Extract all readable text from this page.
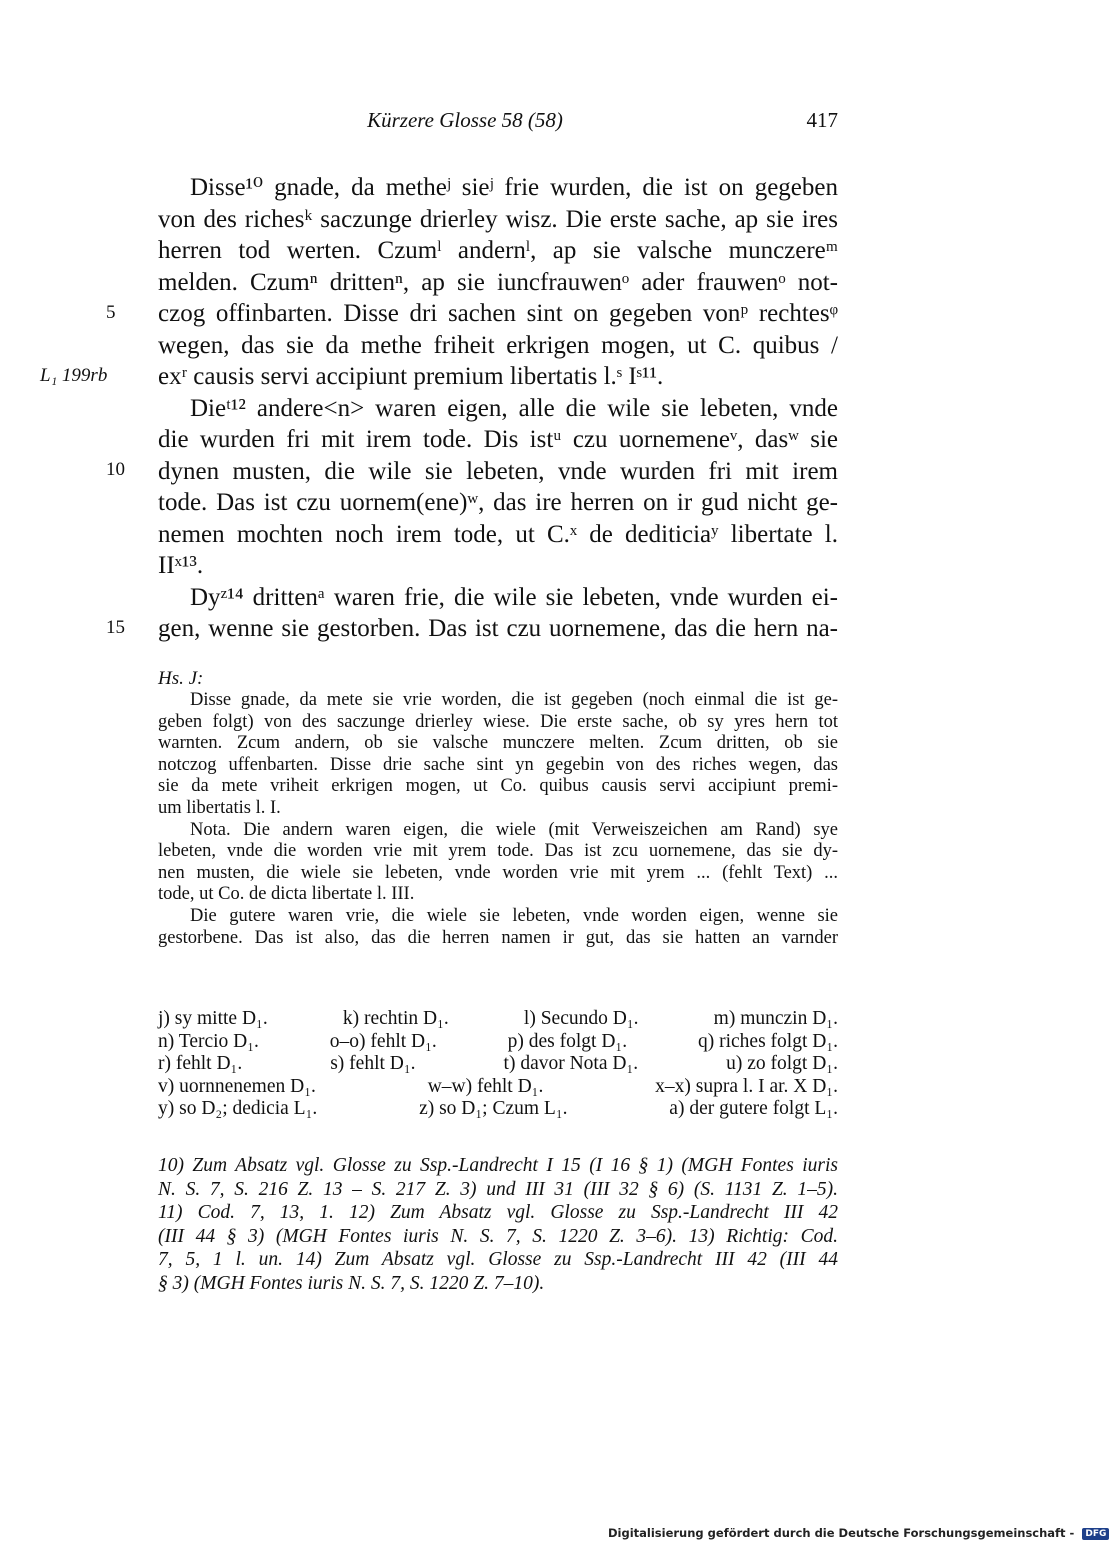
Kürzere Glosse 58 (58)	417
L₁ 199rb
5
10
15
Disse¹⁰ gnade, da metheʲ sieʲ frie wurden, die ist on gegeben
von des richesᵏ saczunge drierley wisz. Die erste sache, ap sie ires
herren tod werten. Czumˡ andernˡ, ap sie valsche munczereᵐ
melden. Czumⁿ drittenⁿ, ap sie iuncfrauwenᵒ ader frauwenᵒ not-
czog offinbarten. Disse dri sachen sint on gegeben vonᵖ rechtesᵠ
wegen, das sie da methe friheit erkrigen mogen, ut C. quibus /
exʳ causis servi accipiunt premium libertatis l.ˢ Iˢ¹¹.
Dieᵗ¹² andere<n> waren eigen, alle die wile sie lebeten, vnde
die wurden fri mit irem tode. Dis istᵘ czu uornemeneᵛ, dasʷ sie
dynen musten, die wile sie lebeten, vnde wurden fri mit irem
tode. Das ist czu uornem(ene)ʷ, das ire herren on ir gud nicht ge-
nemen mochten noch irem tode, ut C.ˣ de dediticiaʸ libertate l.
IIˣ¹³.
Dyᶻ¹⁴ drittenᵃ waren frie, die wile sie lebeten, vnde wurden ei-
gen, wenne sie gestorben. Das ist czu uornemene, das die hern na-
Hs. J:
Disse gnade, da mete sie vrie worden, die ist gegeben (noch einmal die ist ge-
geben folgt) von des saczunge drierley wiese. Die erste sache, ob sy yres hern tot
warnten. Zcum andern, ob sie valsche munczere melten. Zcum dritten, ob sie
notczog uffenbarten. Disse drie sache sint yn gegebin von des riches wegen, das
sie da mete vriheit erkrigen mogen, ut Co. quibus causis servi accipiunt premi-
um libertatis l. I.
Nota. Die andern waren eigen, die wiele (mit Verweiszeichen am Rand) sye
lebeten, vnde die worden vrie mit yrem tode. Das ist zcu uornemene, das sie dy-
nen musten, die wiele sie lebeten, vnde worden vrie mit yrem ... (fehlt Text) ...
tode, ut Co. de dicta libertate l. III.
Die gutere waren vrie, die wiele sie lebeten, vnde worden eigen, wenne sie
gestorbene. Das ist also, das die herren namen ir gut, das sie hatten an varnder
j) sy mitte D₁.	k) rechtin D₁.	l) Secundo D₁.	m) munczin D₁.
n) Tercio D₁.	o–o) fehlt D₁.	p) des folgt D₁.	q) riches folgt D₁.
r) fehlt D₁.	s) fehlt D₁.	t) davor Nota D₁.	u) zo folgt D₁.
v) uornnenemen D₁.	w–w) fehlt D₁.	x–x) supra l. I ar. X D₁.
y) so D₂; dedicia L₁.	z) so D₁; Czum L₁.	a) der gutere folgt L₁.
10) Zum Absatz vgl. Glosse zu Ssp.-Landrecht I 15 (I 16 § 1) (MGH Fontes iuris
N. S. 7, S. 216 Z. 13 – S. 217 Z. 3) und III 31 (III 32 § 6) (S. 1131 Z. 1–5).
11) Cod. 7, 13, 1. 12) Zum Absatz vgl. Glosse zu Ssp.-Landrecht III 42
(III 44 § 3) (MGH Fontes iuris N. S. 7, S. 1220 Z. 3–6). 13) Richtig: Cod.
7, 5, 1 l. un. 14) Zum Absatz vgl. Glosse zu Ssp.-Landrecht III 42 (III 44
§ 3) (MGH Fontes iuris N. S. 7, S. 1220 Z. 7–10).
Digitalisierung gefördert durch die Deutsche Forschungsgemeinschaft - DFG
